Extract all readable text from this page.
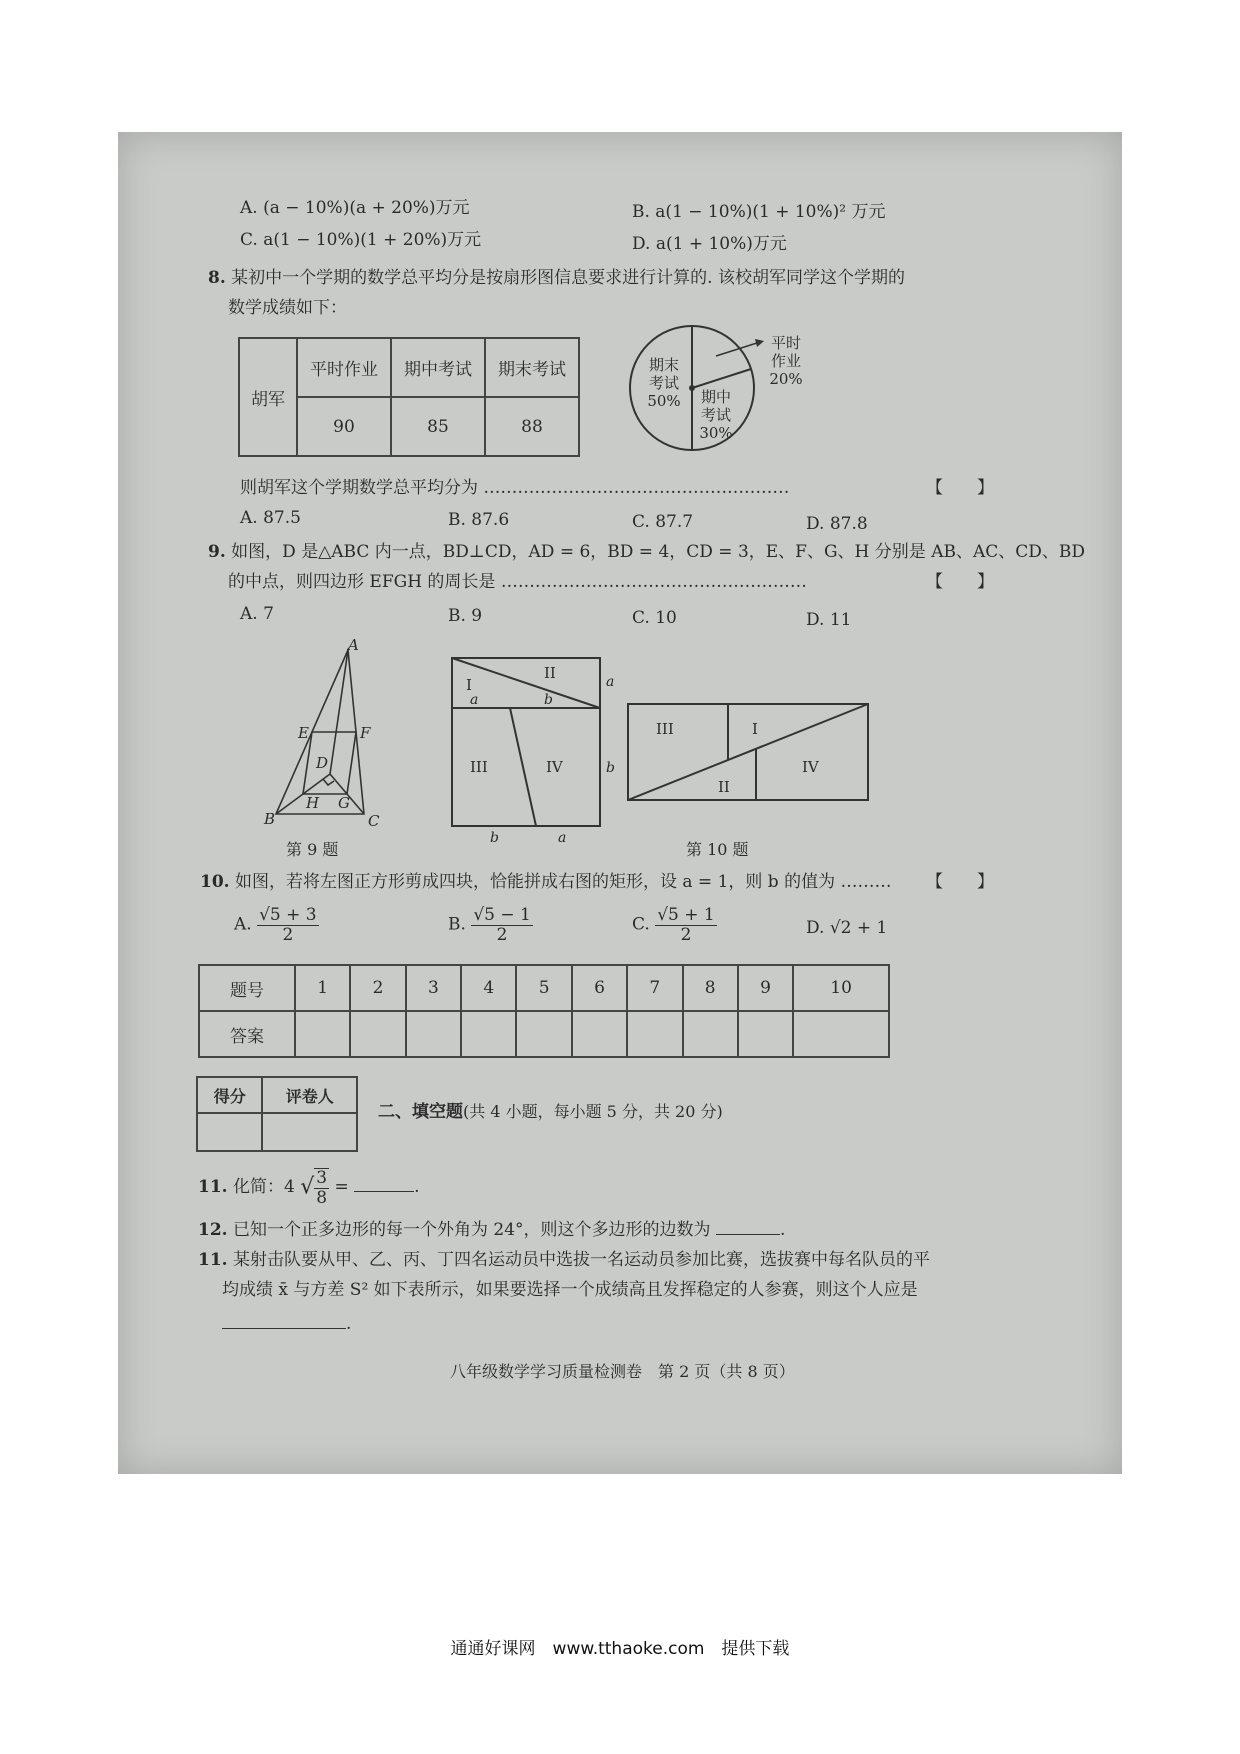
A. (a − 10%)(a + 20%)万元	B. a(1 − 10%)(1 + 10%)² 万元
C. a(1 − 10%)(1 + 20%)万元	D. a(1 + 10%)万元
8. 某初中一个学期的数学总平均分是按扇形图信息要求进行计算的. 该校胡军同学这个学期的
数学成绩如下：
胡军	平时作业	期中考试	期末考试
	90	85	88
期末
考试
50% 期中
考试
30%
平时
作业
20%
则胡军这个学期数学总平均分为 ………………………………………………	【　　】
A. 87.5	B. 87.6	C. 87.7	D. 87.8
9. 如图，D 是△ABC 内一点，BD⊥CD，AD = 6，BD = 4，CD = 3，E、F、G、H 分别是 AB、AC、CD、BD
的中点，则四边形 EFGH 的周长是 ………………………………………………	【　　】
A. 7	B. 9	C. 10	D. 11
A
B	C
D
E	F
G
H
第 9 题
I
II
III	IV
III	I
II
IV
a	b
a
b
b	a
第 10 题
10. 如图，若将左图正方形剪成四块，恰能拼成右图的矩形，设 a = 1，则 b 的值为 ……… 【　　】
A. $\frac{√5 + 3}{2}$	B. $\frac{√5 - 1}{2}$	C. $\frac{√5 + 1}{2}$	D. √2 + 1
题号	1	2	3	4	5	6	7	8	9	10
答案										
得分	评卷人

二、填空题(共 4 小题，每小题 5 分，共 20 分)
11. 化简：4 √ $\frac{3}{8}$ =	.
12. 已知一个正多边形的每一个外角为 24°，则这个多边形的边数为	.
11. 某射击队要从甲、乙、丙、丁四名运动员中选拔一名运动员参加比赛，选拔赛中每名队员的平
均成绩 x̄ 与方差 S² 如下表所示，如果要选择一个成绩高且发挥稳定的人参赛，则这个人应是
.
八年级数学学习质量检测卷　第 2 页（共 8 页）
通通好课网　www.tthaoke.com　提供下载
